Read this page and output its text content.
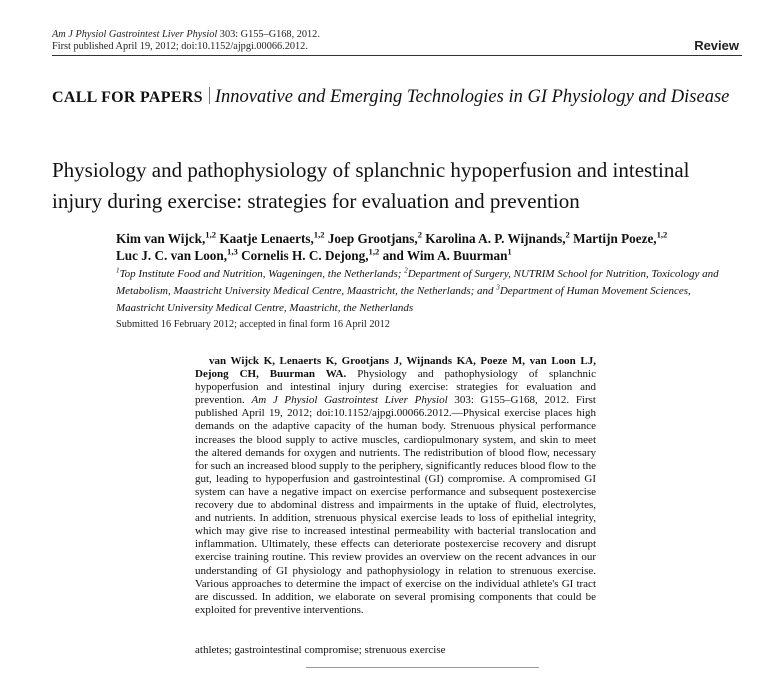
Am J Physiol Gastrointest Liver Physiol 303: G155–G168, 2012.
First published April 19, 2012; doi:10.1152/ajpgi.00066.2012.	Review
CALL FOR PAPERS Innovative and Emerging Technologies in GI Physiology and Disease
Physiology and pathophysiology of splanchnic hypoperfusion and intestinal injury during exercise: strategies for evaluation and prevention
Kim van Wijck,$^{1,2}$ Kaatje Lenaerts,$^{1,2}$ Joep Grootjans,$^2$ Karolina A. P. Wijnands,$^2$ Martijn Poeze,$^{1,2}$
Luc J. C. van Loon,$^{1,3}$ Cornelis H. C. Dejong,$^{1,2}$ and Wim A. Buurman$^1$
$^1$Top Institute Food and Nutrition, Wageningen, the Netherlands; $^2$Department of Surgery, NUTRIM School for Nutrition, Toxicology and Metabolism, Maastricht University Medical Centre, Maastricht, the Netherlands; and $^3$Department of Human Movement Sciences, Maastricht University Medical Centre, Maastricht, the Netherlands
Submitted 16 February 2012; accepted in final form 16 April 2012
van Wijck K, Lenaerts K, Grootjans J, Wijnands KA, Poeze M, van Loon LJ, Dejong CH, Buurman WA. Physiology and pathophysiology of splanchnic hypoperfusion and intestinal injury during exercise: strategies for evaluation and prevention. Am J Physiol Gastrointest Liver Physiol 303: G155–G168, 2012. First published April 19, 2012; doi:10.1152/ajpgi.00066.2012.—Physical exercise places high demands on the adaptive capacity of the human body. Strenuous physical performance increases the blood supply to active muscles, cardiopulmonary system, and skin to meet the altered demands for oxygen and nutrients. The redistribution of blood flow, necessary for such an increased blood supply to the periphery, significantly reduces blood flow to the gut, leading to hypoperfusion and gastrointestinal (GI) compromise. A compromised GI system can have a negative impact on exercise performance and subsequent postexercise recovery due to abdominal distress and impairments in the uptake of fluid, electrolytes, and nutrients. In addition, strenuous physical exercise leads to loss of epithelial integrity, which may give rise to increased intestinal permeability with bacterial translocation and inflammation. Ultimately, these effects can deteriorate postexercise recovery and disrupt exercise training routine. This review provides an overview on the recent advances in our understanding of GI physiology and pathophysiology in relation to strenuous exercise. Various approaches to determine the impact of exercise on the individual athlete's GI tract are discussed. In addition, we elaborate on several promising components that could be exploited for preventive interventions.
athletes; gastrointestinal compromise; strenuous exercise
